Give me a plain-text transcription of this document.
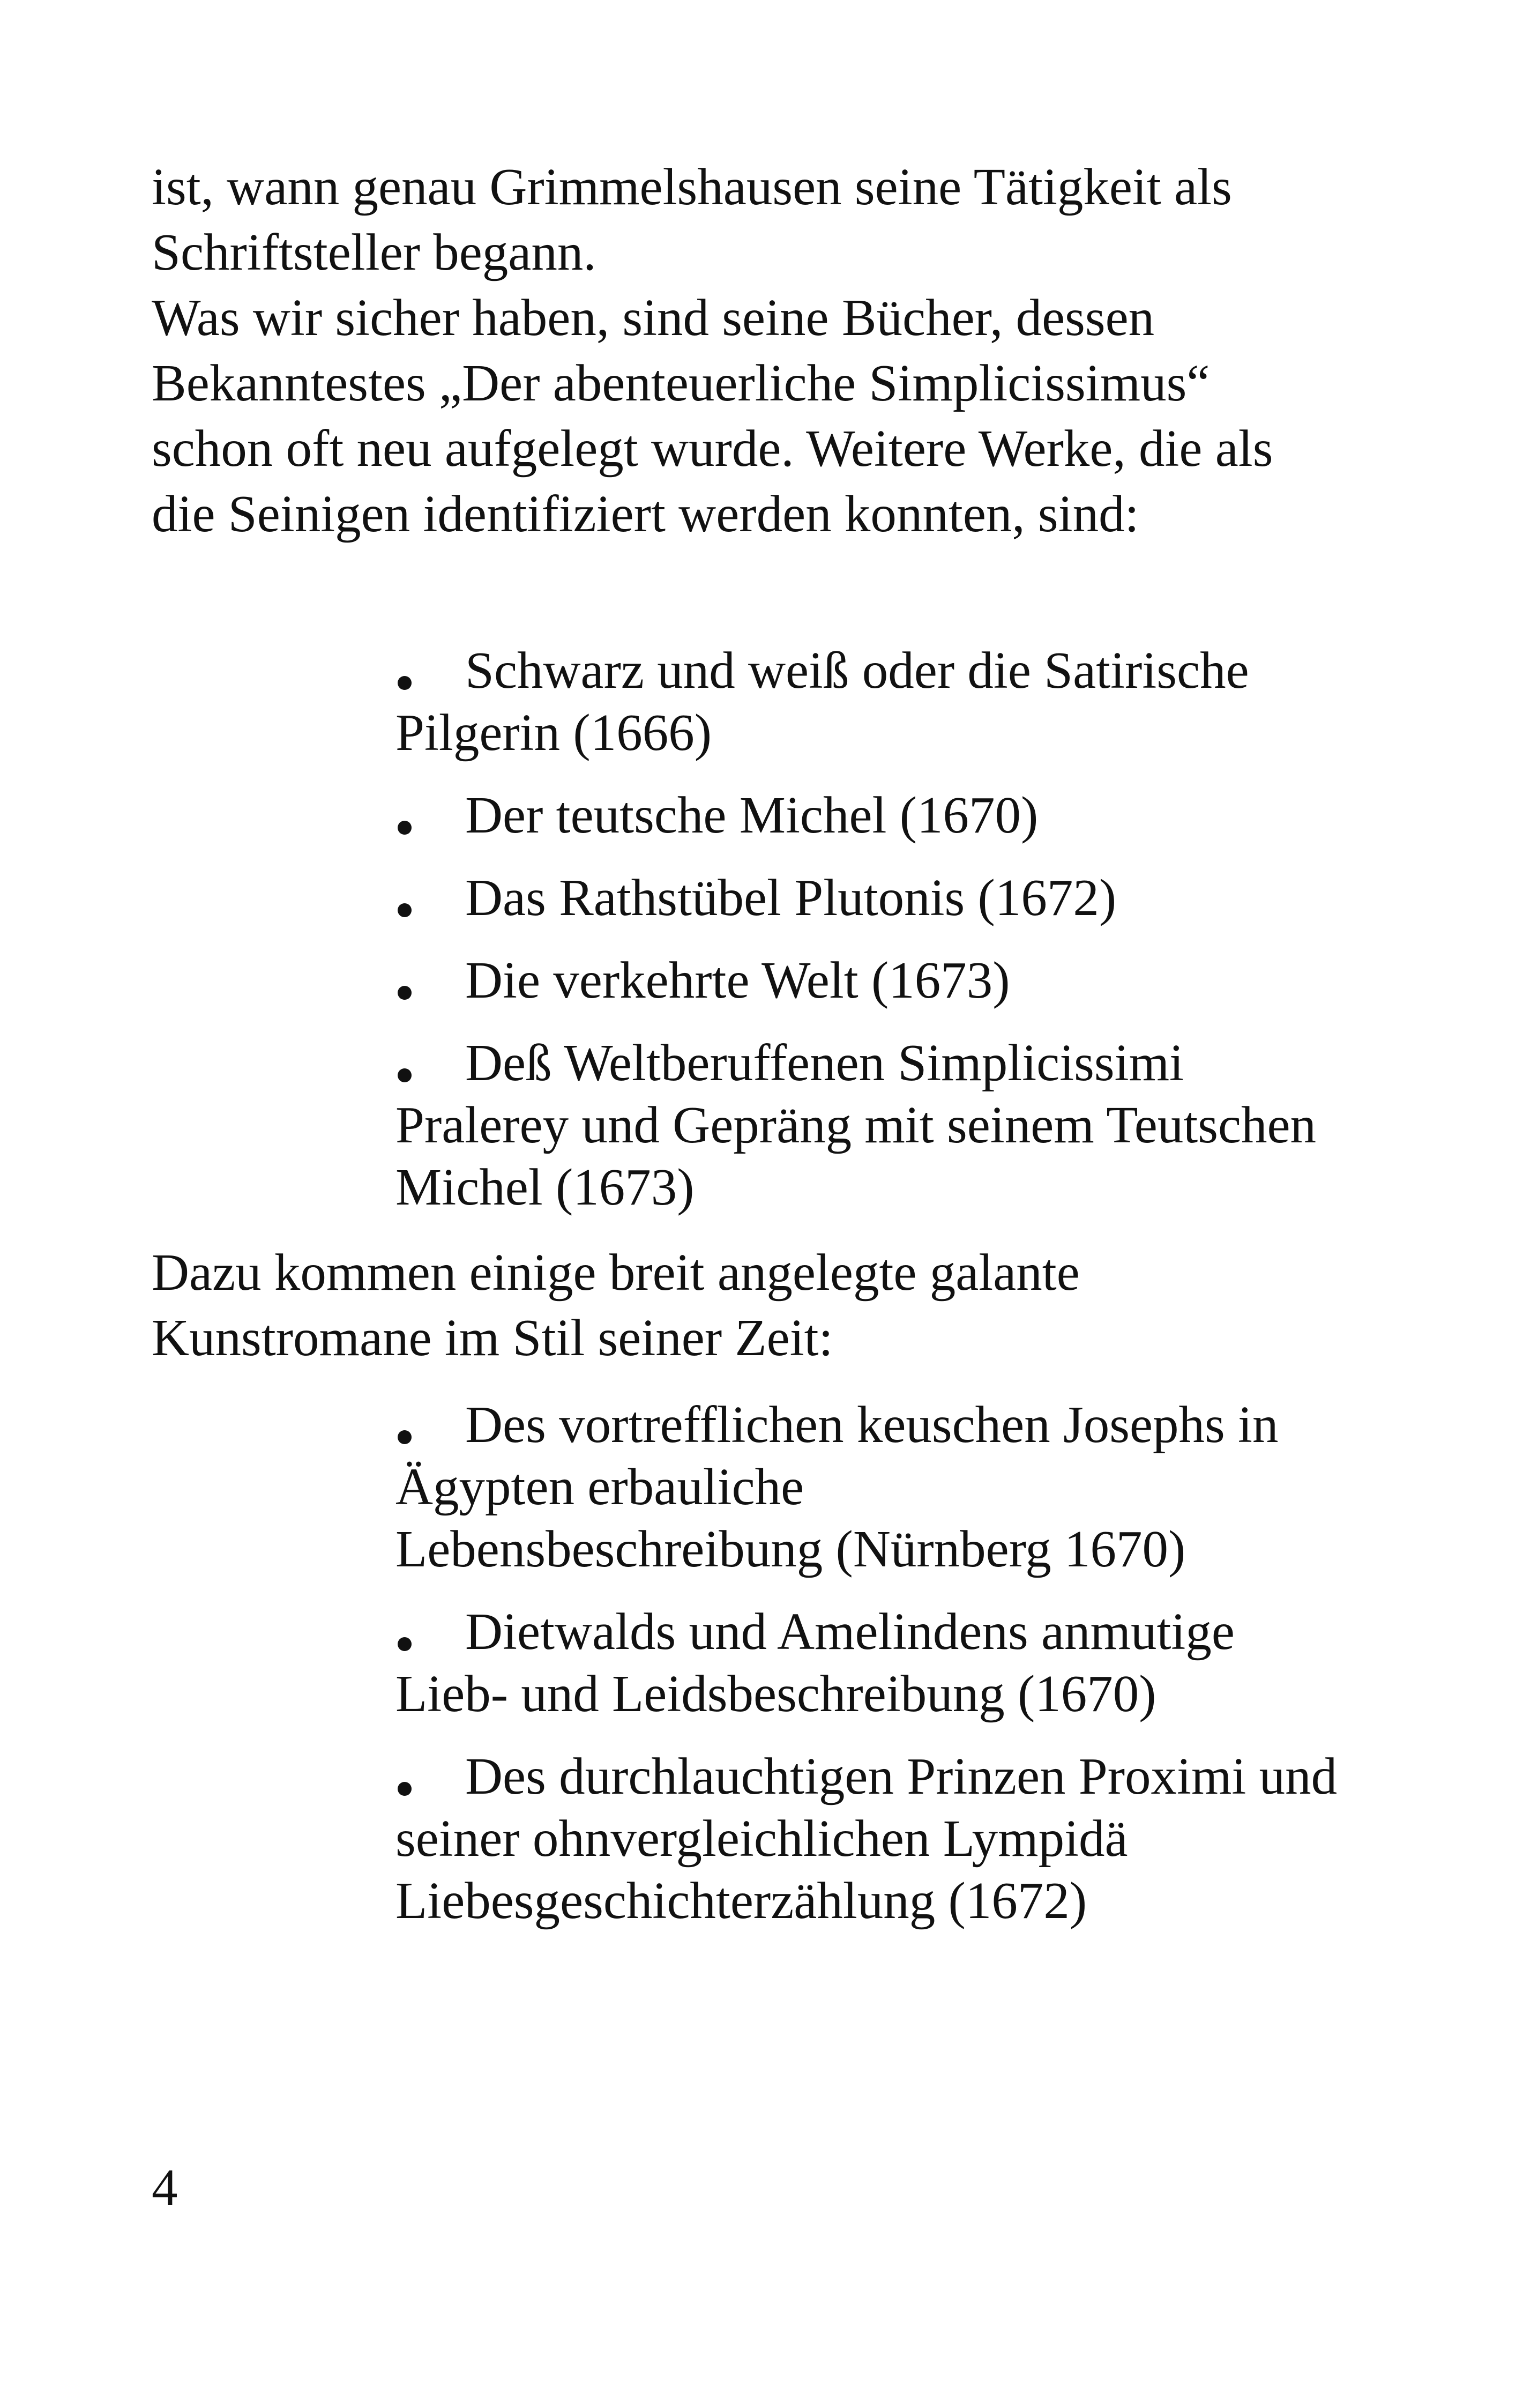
ist, wann genau Grimmelshausen seine Tätigkeit als
Schriftsteller begann.
Was wir sicher haben, sind seine Bücher, dessen
Bekanntestes „Der abenteuerliche Simplicissimus“
schon oft neu aufgelegt wurde. Weitere Werke, die als
die Seinigen identifiziert werden konnten, sind:

Schwarz und weiß oder die Satirische
Pilgerin (1666)
Der teutsche Michel (1670)
Das Rathstübel Plutonis (1672)
Die verkehrte Welt (1673)
Deß Weltberuffenen Simplicissimi
Pralerey und Gepräng mit seinem Teutschen
Michel (1673)

Dazu kommen einige breit angelegte galante
Kunstromane im Stil seiner Zeit:

Des vortrefflichen keuschen Josephs in
Ägypten erbauliche
Lebensbeschreibung (Nürnberg 1670)
Dietwalds und Amelindens anmutige
Lieb- und Leidsbeschreibung (1670)
Des durchlauchtigen Prinzen Proximi und
seiner ohnvergleichlichen Lympidä
Liebesgeschichterzählung (1672)

4
